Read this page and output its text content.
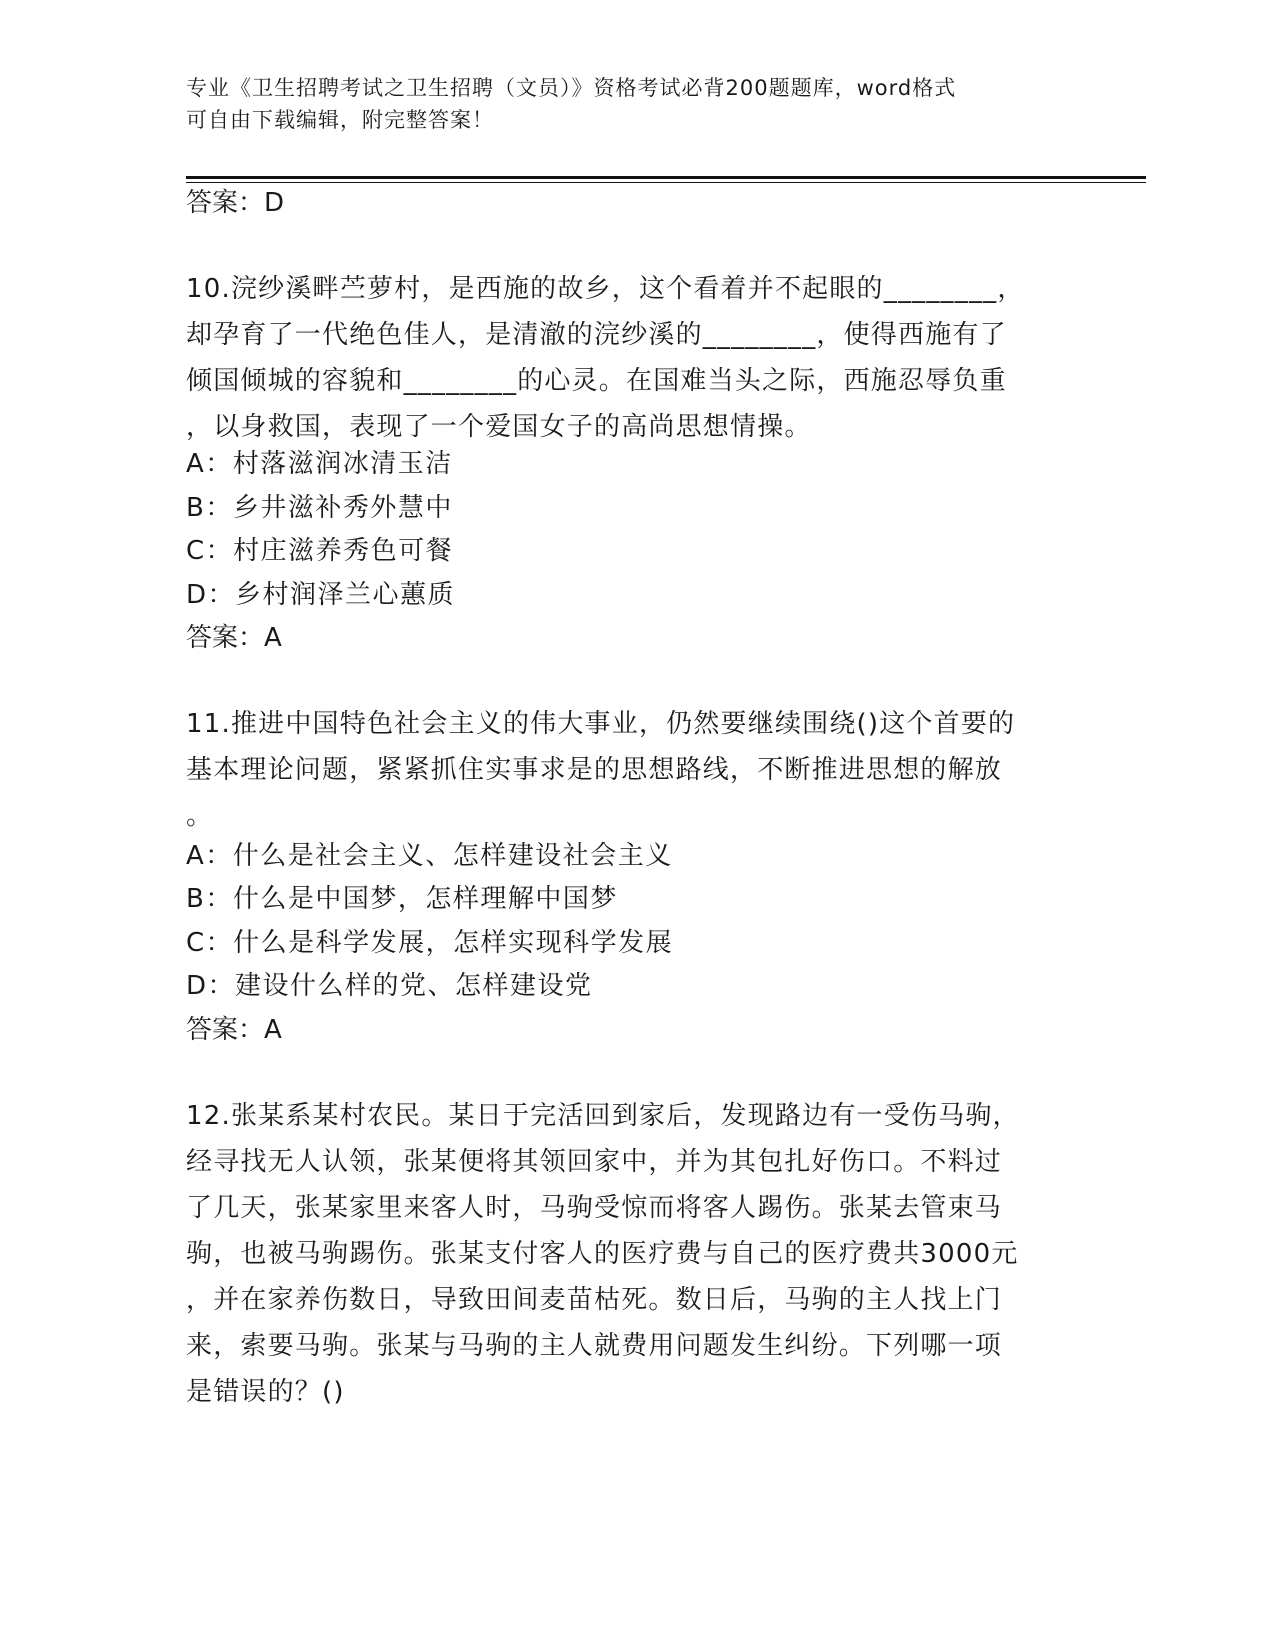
专业《卫生招聘考试之卫生招聘（文员）》资格考试必背200题题库，word格式
可自由下载编辑，附完整答案！
答案：D
10.浣纱溪畔苎萝村，是西施的故乡，这个看着并不起眼的________，
却孕育了一代绝色佳人，是清澈的浣纱溪的________，使得西施有了
倾国倾城的容貌和________的心灵。在国难当头之际，西施忍辱负重
，以身救国，表现了一个爱国女子的高尚思想情操。
A：村落滋润冰清玉洁
B：乡井滋补秀外慧中
C：村庄滋养秀色可餐
D：乡村润泽兰心蕙质
答案：A
11.推进中国特色社会主义的伟大事业，仍然要继续围绕()这个首要的
基本理论问题，紧紧抓住实事求是的思想路线，不断推进思想的解放
。
A：什么是社会主义、怎样建设社会主义
B：什么是中国梦，怎样理解中国梦
C：什么是科学发展，怎样实现科学发展
D：建设什么样的党、怎样建设党
答案：A
12.张某系某村农民。某日于完活回到家后，发现路边有一受伤马驹，
经寻找无人认领，张某便将其领回家中，并为其包扎好伤口。不料过
了几天，张某家里来客人时，马驹受惊而将客人踢伤。张某去管束马
驹，也被马驹踢伤。张某支付客人的医疗费与自己的医疗费共3000元
，并在家养伤数日，导致田间麦苗枯死。数日后，马驹的主人找上门
来，索要马驹。张某与马驹的主人就费用问题发生纠纷。下列哪一项
是错误的？()
